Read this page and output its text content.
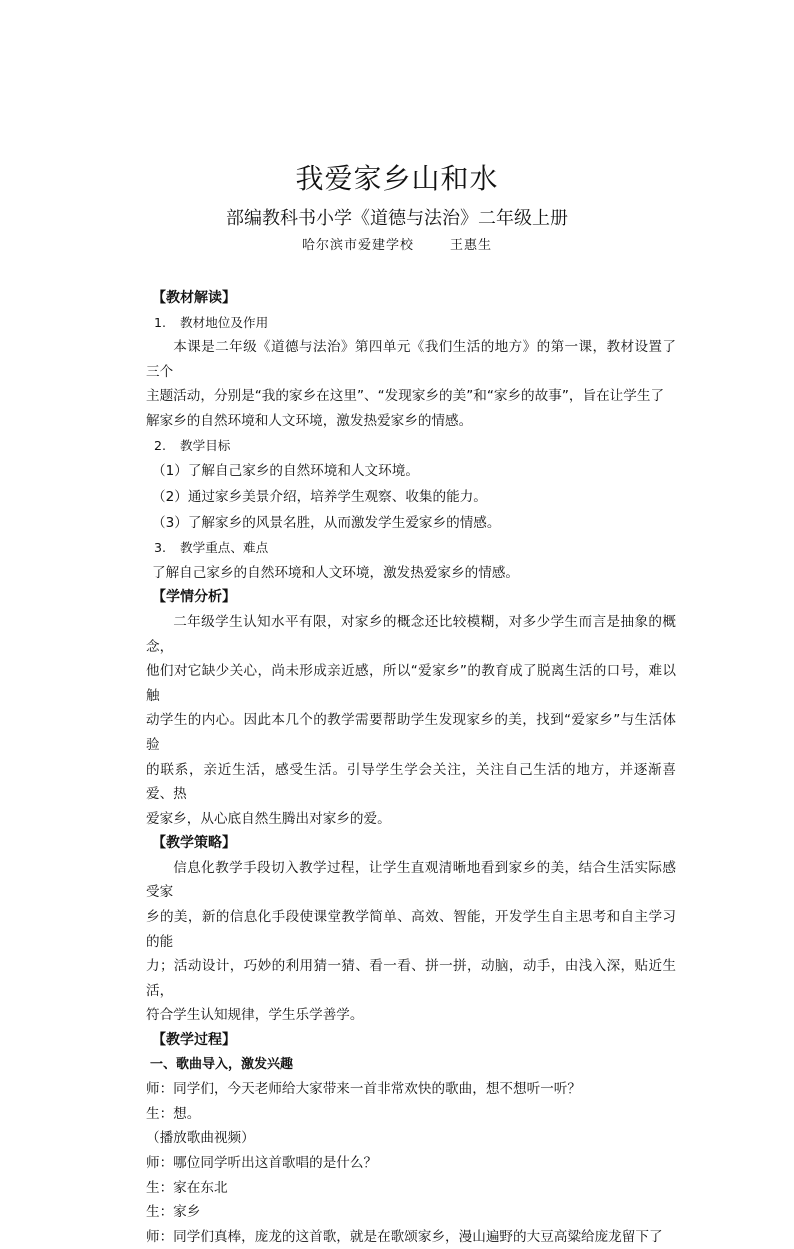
我爱家乡山和水
部编教科书小学《道德与法治》二年级上册
哈尔滨市爱建学校	王惠生
【教材解读】
1. 教材地位及作用
本课是二年级《道德与法治》第四单元《我们生活的地方》的第一课，教材设置了三个
主题活动，分别是“我的家乡在这里”、“发现家乡的美”和“家乡的故事”，旨在让学生了
解家乡的自然环境和人文环境，激发热爱家乡的情感。
2. 教学目标
（1）了解自己家乡的自然环境和人文环境。
（2）通过家乡美景介绍，培养学生观察、收集的能力。
（3）了解家乡的风景名胜，从而激发学生爱家乡的情感。
3. 教学重点、难点
了解自己家乡的自然环境和人文环境，激发热爱家乡的情感。
【学情分析】
二年级学生认知水平有限，对家乡的概念还比较模糊，对多少学生而言是抽象的概念，
他们对它缺少关心，尚未形成亲近感，所以“爱家乡”的教育成了脱离生活的口号，难以触
动学生的内心。因此本几个的教学需要帮助学生发现家乡的美，找到“爱家乡”与生活体验
的联系，亲近生活，感受生活。引导学生学会关注，关注自己生活的地方，并逐渐喜爱、热
爱家乡，从心底自然生腾出对家乡的爱。
【教学策略】
信息化教学手段切入教学过程，让学生直观清晰地看到家乡的美，结合生活实际感受家
乡的美，新的信息化手段使课堂教学简单、高效、智能，开发学生自主思考和自主学习的能
力；活动设计，巧妙的利用猜一猜、看一看、拼一拼，动脑，动手，由浅入深，贴近生活，
符合学生认知规律，学生乐学善学。
【教学过程】
一、歌曲导入，激发兴趣
师：同学们，今天老师给大家带来一首非常欢快的歌曲，想不想听一听？
生：想。
（播放歌曲视频）
师：哪位同学听出这首歌唱的是什么？
生：家在东北
生：家乡
师：同学们真棒，庞龙的这首歌，就是在歌颂家乡，漫山遍野的大豆高粱给庞龙留下了
